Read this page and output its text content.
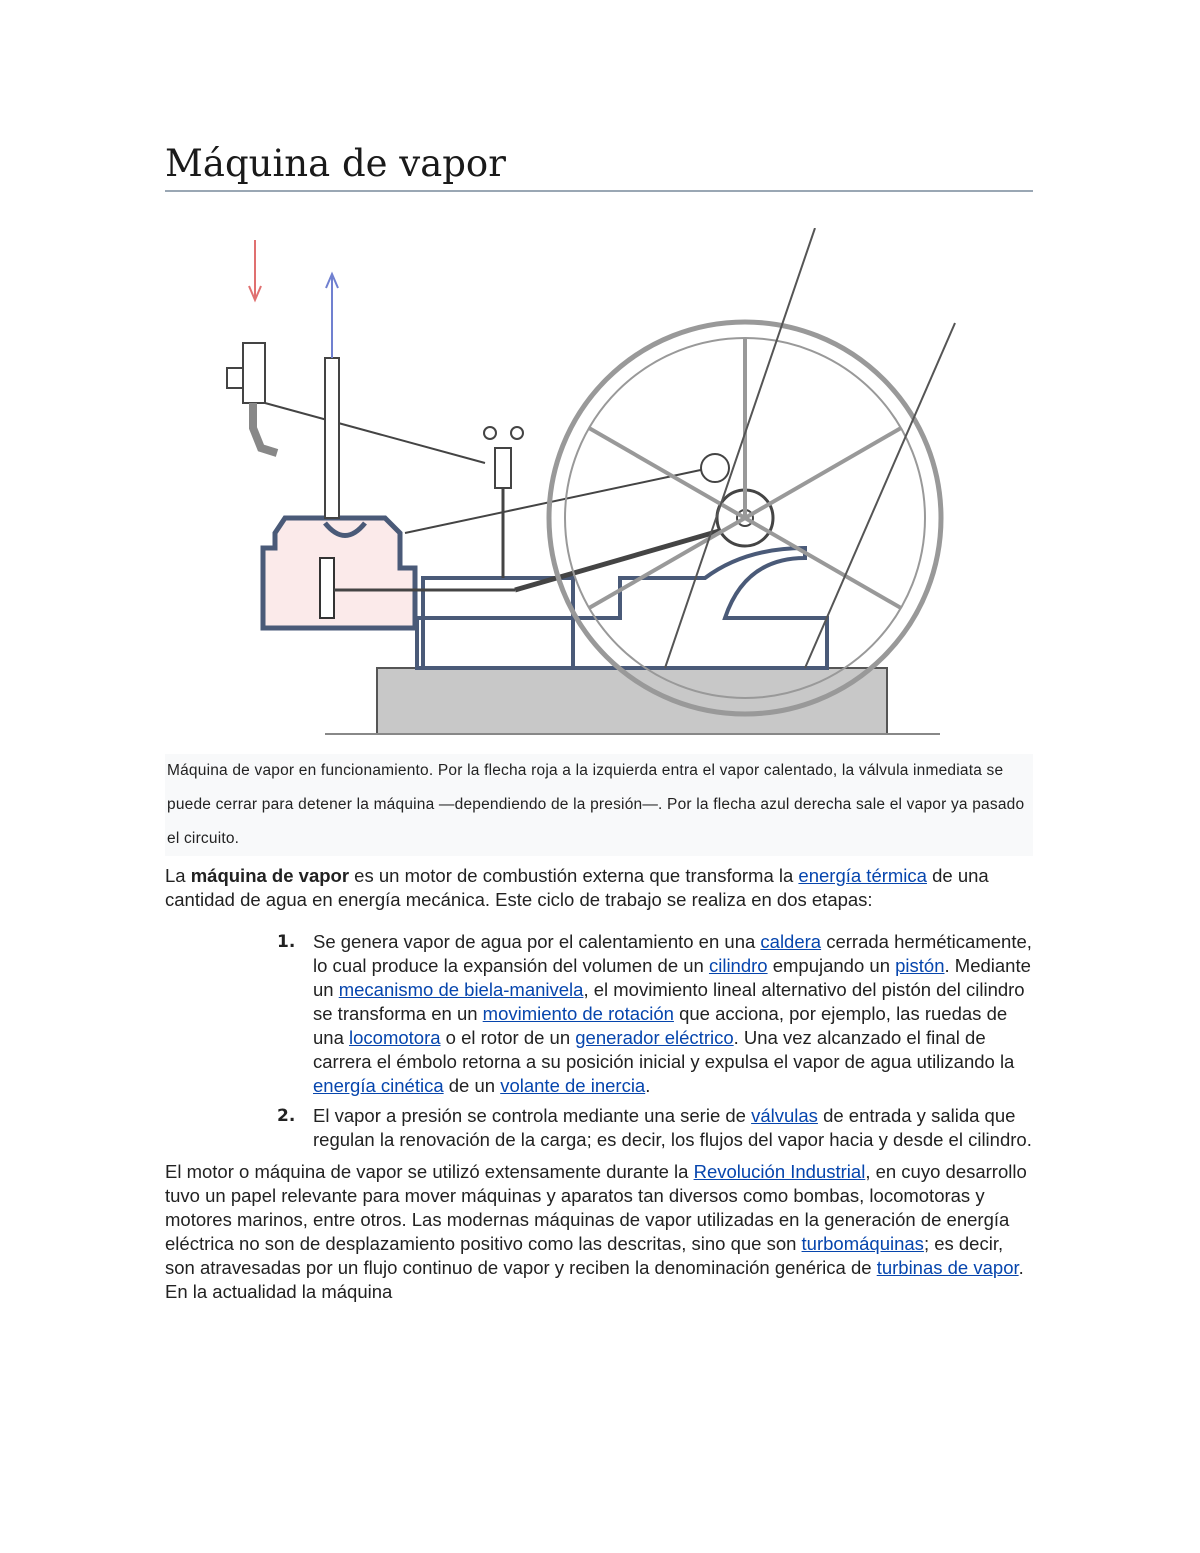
Máquina de vapor
Máquina de vapor en funcionamiento. Por la flecha roja a la izquierda entra el vapor calentado, la válvula inmediata se puede cerrar para detener la máquina —dependiendo de la presión—. Por la flecha azul derecha sale el vapor ya pasado el circuito.

La máquina de vapor es un motor de combustión externa que transforma la energía térmica de una cantidad de agua en energía mecánica. Este ciclo de trabajo se realiza en dos etapas:

1. Se genera vapor de agua por el calentamiento en una caldera cerrada herméticamente, lo cual produce la expansión del volumen de un cilindro empujando un pistón. Mediante un mecanismo de biela-manivela, el movimiento lineal alternativo del pistón del cilindro se transforma en un movimiento de rotación que acciona, por ejemplo, las ruedas de una locomotora o el rotor de un generador eléctrico. Una vez alcanzado el final de carrera el émbolo retorna a su posición inicial y expulsa el vapor de agua utilizando la energía cinética de un volante de inercia.
2. El vapor a presión se controla mediante una serie de válvulas de entrada y salida que regulan la renovación de la carga; es decir, los flujos del vapor hacia y desde el cilindro.

El motor o máquina de vapor se utilizó extensamente durante la Revolución Industrial, en cuyo desarrollo tuvo un papel relevante para mover máquinas y aparatos tan diversos como bombas, locomotoras y motores marinos, entre otros. Las modernas máquinas de vapor utilizadas en la generación de energía eléctrica no son de desplazamiento positivo como las descritas, sino que son turbomáquinas; es decir, son atravesadas por un flujo continuo de vapor y reciben la denominación genérica de turbinas de vapor. En la actualidad la máquina
